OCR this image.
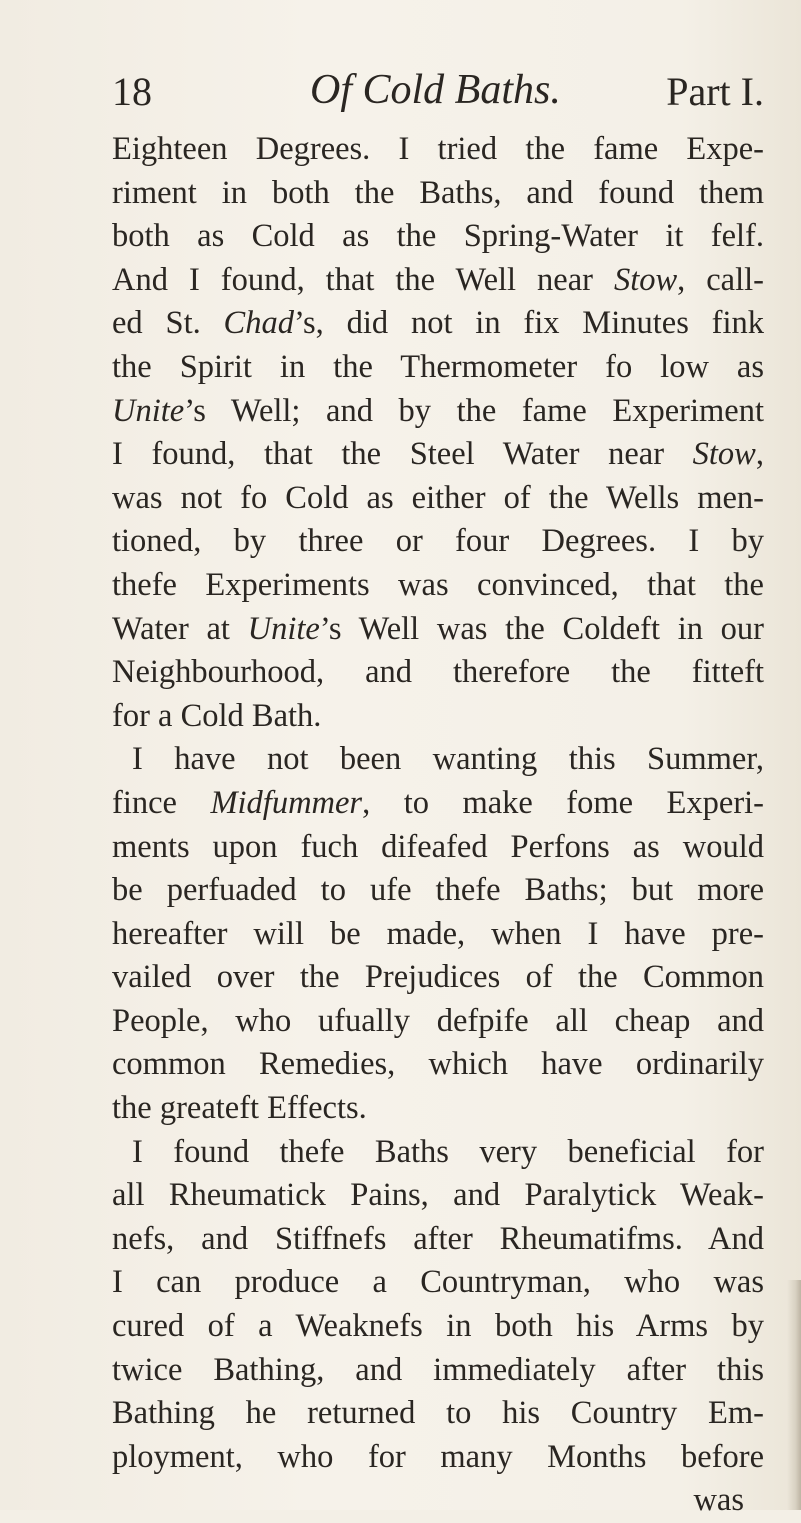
18	Of Cold Baths.	Part I.
Eighteen Degrees. I tried the fame Expe-
riment in both the Baths, and found them
both as Cold as the Spring-Water it felf.
And I found, that the Well near Stow, call-
ed St. Chad’s, did not in fix Minutes fink
the Spirit in the Thermometer fo low as
Unite’s Well; and by the fame Experiment
I found, that the Steel Water near Stow,
was not fo Cold as either of the Wells men-
tioned, by three or four Degrees. I by
thefe Experiments was convinced, that the
Water at Unite’s Well was the Coldeft in our
Neighbourhood, and therefore the fitteft
for a Cold Bath.
I have not been wanting this Summer,
fince Midfummer, to make fome Experi-
ments upon fuch difeafed Perfons as would
be perfuaded to ufe thefe Baths; but more
hereafter will be made, when I have pre-
vailed over the Prejudices of the Common
People, who ufually defpife all cheap and
common Remedies, which have ordinarily
the greateft Effects.
I found thefe Baths very beneficial for
all Rheumatick Pains, and Paralytick Weak-
nefs, and Stiffnefs after Rheumatifms. And
I can produce a Countryman, who was
cured of a Weaknefs in both his Arms by
twice Bathing, and immediately after this
Bathing he returned to his Country Em-
ployment, who for many Months before
was
